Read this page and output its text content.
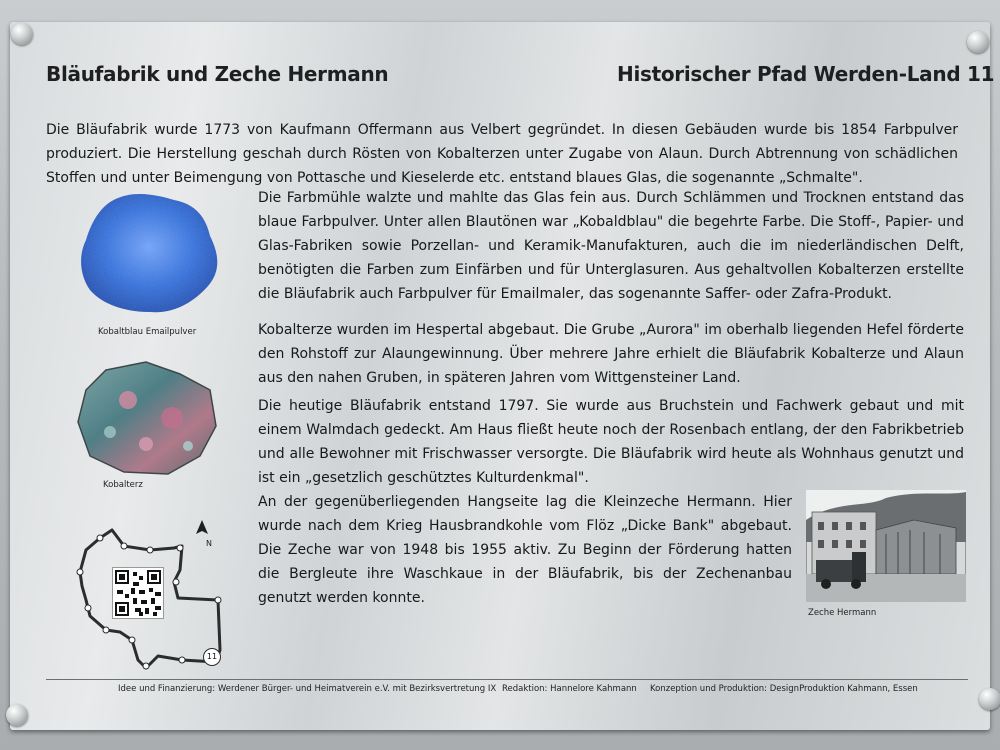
Bläufabrik und Zeche Hermann	Historischer Pfad Werden-Land 11

Die Bläufabrik wurde 1773 von Kaufmann Offermann aus Velbert gegründet. In diesen Gebäuden wurde bis 1854 Farbpulver produziert. Die Herstellung geschah durch Rösten von Kobalterzen unter Zugabe von Alaun. Durch Abtrennung von schädlichen Stoffen und unter Beimengung von Pottasche und Kieselerde etc. entstand blaues Glas, die sogenannte „Schmalte".

Die Farbmühle walzte und mahlte das Glas fein aus. Durch Schlämmen und Trocknen entstand das blaue Farbpulver. Unter allen Blautönen war „Kobaldblau" die begehrte Farbe. Die Stoff-, Papier- und Glas-Fabriken sowie Porzellan- und Keramik-Manufakturen, auch die im niederländischen Delft, benötigten die Farben zum Einfärben und für Unterglasuren. Aus gehaltvollen Kobalterzen erstellte die Bläufabrik auch Farbpulver für Emailmaler, das sogenannte Saffer- oder Zafra-Produkt.

Kobalterze wurden im Hespertal abgebaut. Die Grube „Aurora" im oberhalb liegenden Hefel förderte den Rohstoff zur Alaungewinnung. Über mehrere Jahre erhielt die Bläufabrik Kobalterze und Alaun aus den nahen Gruben, in späteren Jahren vom Wittgensteiner Land.

Die heutige Bläufabrik entstand 1797. Sie wurde aus Bruchstein und Fachwerk gebaut und mit einem Walmdach gedeckt. Am Haus fließt heute noch der Rosenbach entlang, der den Fabrikbetrieb und alle Bewohner mit Frischwasser versorgte. Die Bläufabrik wird heute als Wohnhaus genutzt und ist ein „gesetzlich geschütztes Kulturdenkmal".

An der gegenüberliegenden Hangseite lag die Kleinzeche Hermann. Hier wurde nach dem Krieg Hausbrandkohle vom Flöz „Dicke Bank" abgebaut. Die Zeche war von 1948 bis 1955 aktiv. Zu Beginn der Förderung hatten die Bergleute ihre Waschkaue in der Bläufabrik, bis der Zechenanbau genutzt werden konnte.

Kobaltblau Emailpulver
Kobalterz
N
11
Zeche Hermann
Idee und Finanzierung: Werdener Bürger- und Heimatverein e.V. mit Bezirksvertretung IX Redaktion: Hannelore Kahmann Konzeption und Produktion: DesignProduktion Kahmann, Essen
